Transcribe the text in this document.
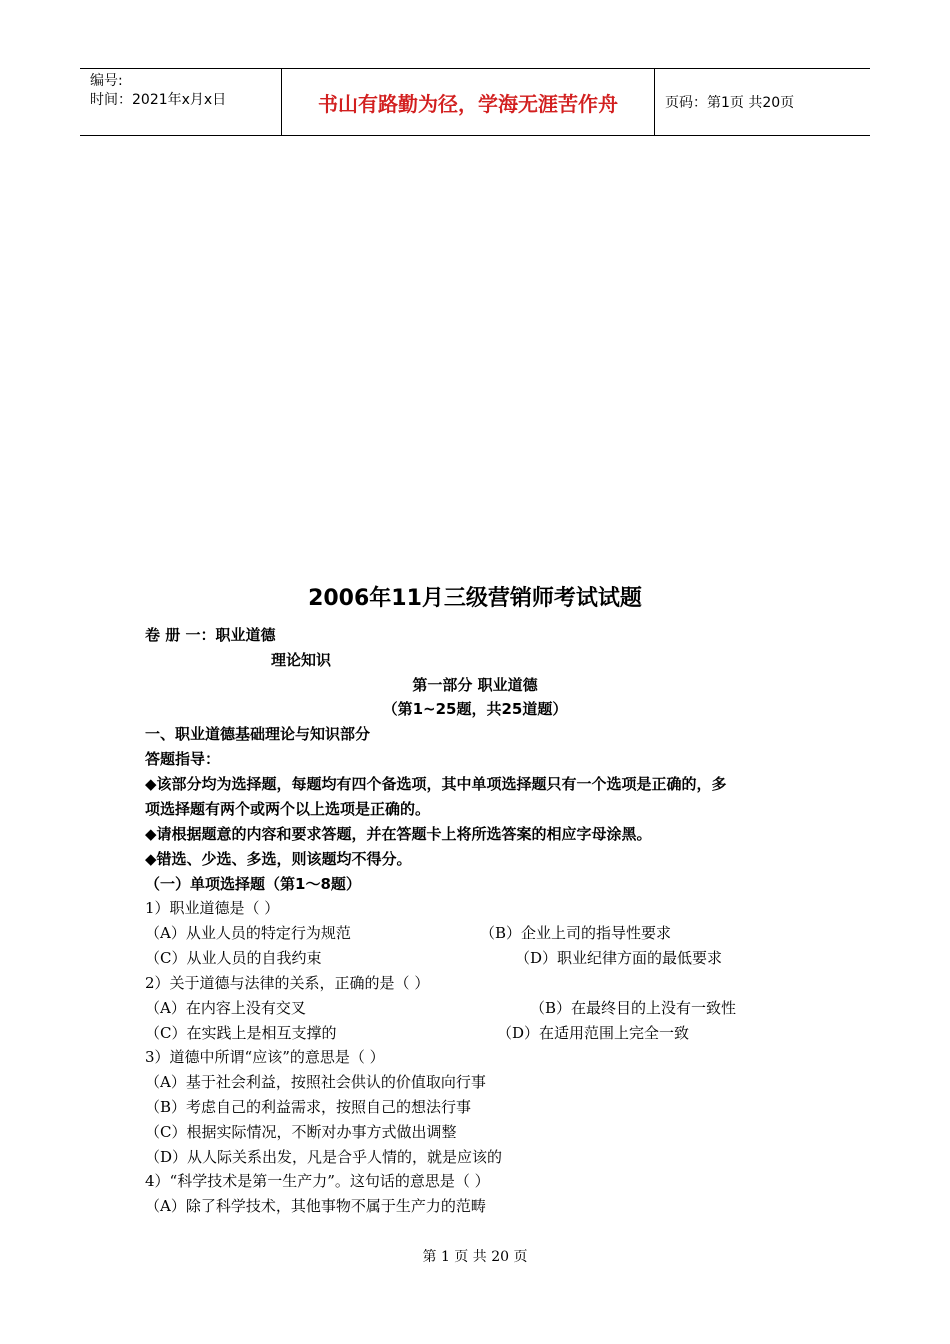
编号:
时间：2021年x月x日	书山有路勤为径，学海无涯苦作舟	页码：第1页 共20页
2006年11月三级营销师考试试题
卷 册 一：职业道德
理论知识
第一部分 职业道德
（第1~25题，共25道题）
一、职业道德基础理论与知识部分
答题指导：
◆该部分均为选择题，每题均有四个备选项，其中单项选择题只有一个选项是正确的，多
项选择题有两个或两个以上选项是正确的。
◆请根据题意的内容和要求答题，并在答题卡上将所选答案的相应字母涂黑。
◆错选、少选、多选，则该题均不得分。
（一）单项选择题（第1～8题）
1）职业道德是（ ）
（A）从业人员的特定行为规范	（B）企业上司的指导性要求
（C）从业人员的自我约束	（D）职业纪律方面的最低要求
2）关于道德与法律的关系，正确的是（ ）
（A）在内容上没有交叉	（B）在最终目的上没有一致性
（C）在实践上是相互支撑的	（D）在适用范围上完全一致
3）道德中所谓“应该”的意思是（ ）
（A）基于社会利益，按照社会供认的价值取向行事
（B）考虑自己的利益需求，按照自己的想法行事
（C）根据实际情况，不断对办事方式做出调整
（D）从人际关系出发，凡是合乎人情的，就是应该的
4）“科学技术是第一生产力”。这句话的意思是（ ）
（A）除了科学技术，其他事物不属于生产力的范畴
第 1 页 共 20 页
